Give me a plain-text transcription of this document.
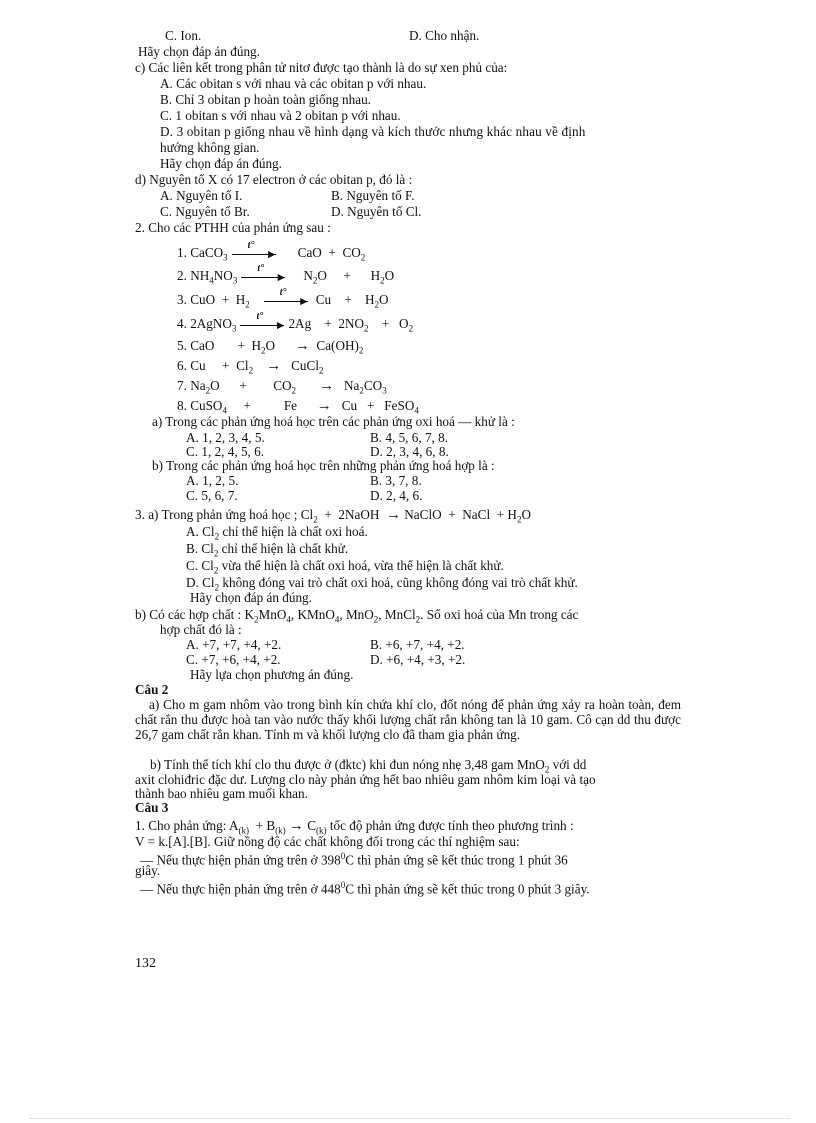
C. Ion.	D. Cho nhận.
Hãy chọn đáp án đúng.
c) Các liên kết trong phân tử nitơ được tạo thành là do sự xen phủ của:
A. Các obitan s với nhau và các obitan p với nhau.
B. Chỉ 3 obitan p hoàn toàn giống nhau.
C. 1 obitan s với nhau và 2 obitan p với nhau.
D. 3 obitan p giống nhau về hình dạng và kích thước nhưng khác nhau về định
hướng không gian.
Hãy chọn đáp án đúng.
d) Nguyên tố X có 17 electron ở các obitan p, đó là :
A. Nguyên tố I.	B. Nguyên tố F.
C. Nguyên tố Br.	D. Nguyên tố Cl.
2. Cho các PTHH của phản ứng sau :
1. CaCO$_3$
t°
► CaO  +  $CO_2$
2. $NH_4NO_3$
t°
► $N_2O$     +      $H_2O$
3. CuO  +  $H_2$
t°
► Cu    +    $H_2O$
4. 2AgNO$_3$
t°
► 2Ag    +  $2NO_2$    +   $O_2$
5. CaO       +  $H_2O$      →  $Ca(OH)_2$
6. Cu     +  $Cl_2$ →   CuCl$_2$
7. $Na_2O$      +        $CO_2 \to Na_2CO_3$
8. CuSO$_4$     +          Fe      →   Cu   +   FeSO$_4$
a) Trong các phản ứng hoá học trên các phản ứng oxi hoá — khử là :
A. 1, 2, 3, 4, 5.	B. 4, 5, 6, 7, 8.
C. 1, 2, 4, 5, 6.	D. 2, 3, 4, 6, 8.
b) Trong các phản ứng hoá học trên những phản ứng hoá hợp là :
A. 1, 2, 5.	B. 3, 7, 8.
C. 5, 6, 7.	D. 2, 4, 6.
3. a) Trong phản ứng hoá học ; $Cl_2$  +  2NaOH  → NaClO  +  NaCl  + $H_2O$
A. $Cl_2$ chỉ thể hiện là chất oxi hoá.
B. $Cl_2$ chỉ thể hiện là chất khử.
C. $Cl_2$ vừa thể hiện là chất oxi hoá, vừa thể hiện là chất khử.
D. $Cl_2$ không đóng vai trò chất oxi hoá, cũng không đóng vai trò chất khử.
Hãy chọn đáp án đúng.
b) Có các hợp chất : $K_2MnO_4$, KMnO$_4$, MnO$_2$, MnCl$_2$. Số oxi hoá của Mn trong các
hợp chất đó là :
A. +7, +7, +4, +2.	B. +6, +7, +4, +2.
C. +7, +6, +4, +2.	D. +6, +4, +3, +2.
Hãy lựa chọn phương án đúng.
Câu 2
a) Cho m gam nhôm vào trong bình kín chứa khí clo, đốt nóng để phản ứng xảy ra hoàn toàn, đem chất rắn thu được hoà tan vào nước thấy khối lượng chất rắn không tan là 10 gam. Cô cạn dd thu được 26,7 gam chất rắn khan. Tính m và khối lượng clo đã tham gia phản ứng.
b) Tính thể tích khí clo thu được ở (đktc) khi đun nóng nhẹ 3,48 gam MnO$_2$ với dd
axit clohiđric đặc dư. Lượng clo này phản ứng hết bao nhiêu gam nhôm kim loại và tạo
thành bao nhiêu gam muối khan.
Câu 3
1. Cho phản ứng: $A_{(k)} + B_{(k)} \to C_{(k)}$ tốc độ phản ứng được tính theo phương trình :
V = k.[A].[B]. Giữ nồng độ các chất không đổi trong các thí nghiệm sau:
— Nếu thực hiện phản ứng trên ở $398^0C$ thì phản ứng sẽ kết thúc trong 1 phút 36
giây.
— Nếu thực hiện phản ứng trên ở $448^0C$ thì phản ứng sẽ kết thúc trong 0 phút 3 giây.
132
